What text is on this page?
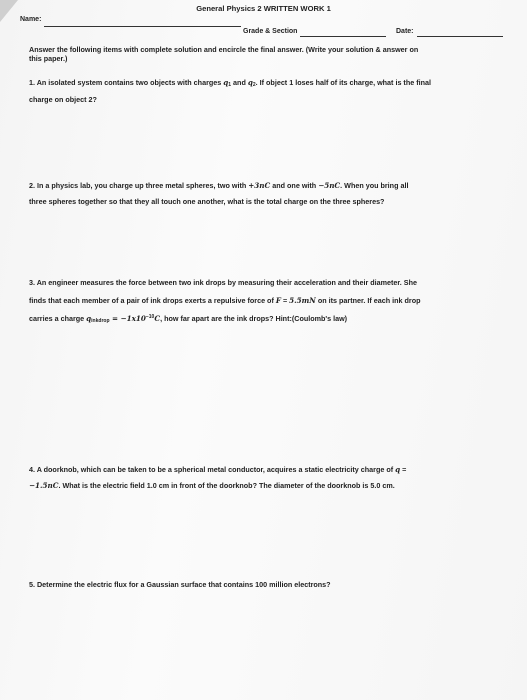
General Physics 2 WRITTEN WORK 1
Name:
Grade & Section	Date:
Answer the following items with complete solution and encircle the final answer. (Write your solution & answer on
this paper.)
1. An isolated system contains two objects with charges $q_1$ and $q_2$. If object 1 loses half of its charge, what is the final
charge on object 2?
2. In a physics lab, you charge up three metal spheres, two with +3nC and one with −5nC. When you bring all
three spheres together so that they all touch one another, what is the total charge on the three spheres?
3. An engineer measures the force between two ink drops by measuring their acceleration and their diameter. She
finds that each member of a pair of ink drops exerts a repulsive force of F = 5.5mN on its partner. If each ink drop
carries a charge $q_{inkdrop} = -1x10^{-10}C$, how far apart are the ink drops? Hint:(Coulomb's law)
4. A doorknob, which can be taken to be a spherical metal conductor, acquires a static electricity charge of q =
−1.5nC. What is the electric field 1.0 cm in front of the doorknob? The diameter of the doorknob is 5.0 cm.
5. Determine the electric flux for a Gaussian surface that contains 100 million electrons?
